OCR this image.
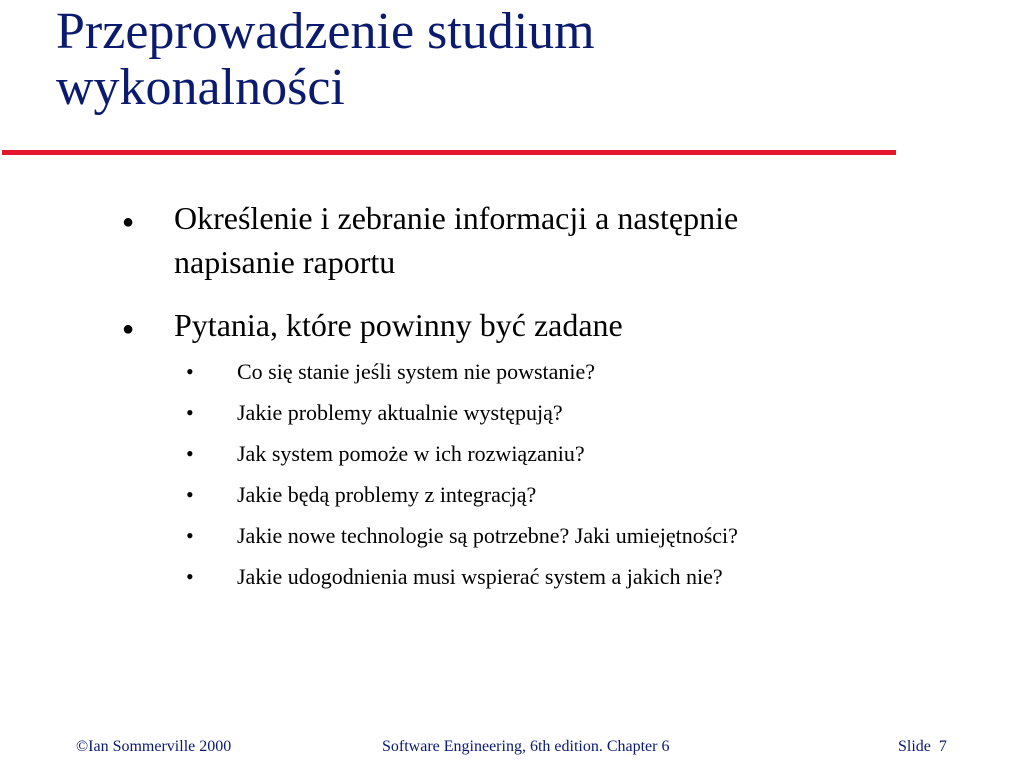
Przeprowadzenie studium
wykonalności
● Określenie i zebranie informacji a następnie
napisanie raportu
● Pytania, które powinny być zadane
• Co się stanie jeśli system nie powstanie?
• Jakie problemy aktualnie występują?
• Jak system pomoże w ich rozwiązaniu?
• Jakie będą problemy z integracją?
• Jakie nowe technologie są potrzebne? Jaki umiejętności?
• Jakie udogodnienia musi wspierać system a jakich nie?
©Ian Sommerville 2000	Software Engineering, 6th edition. Chapter 6	Slide  7
